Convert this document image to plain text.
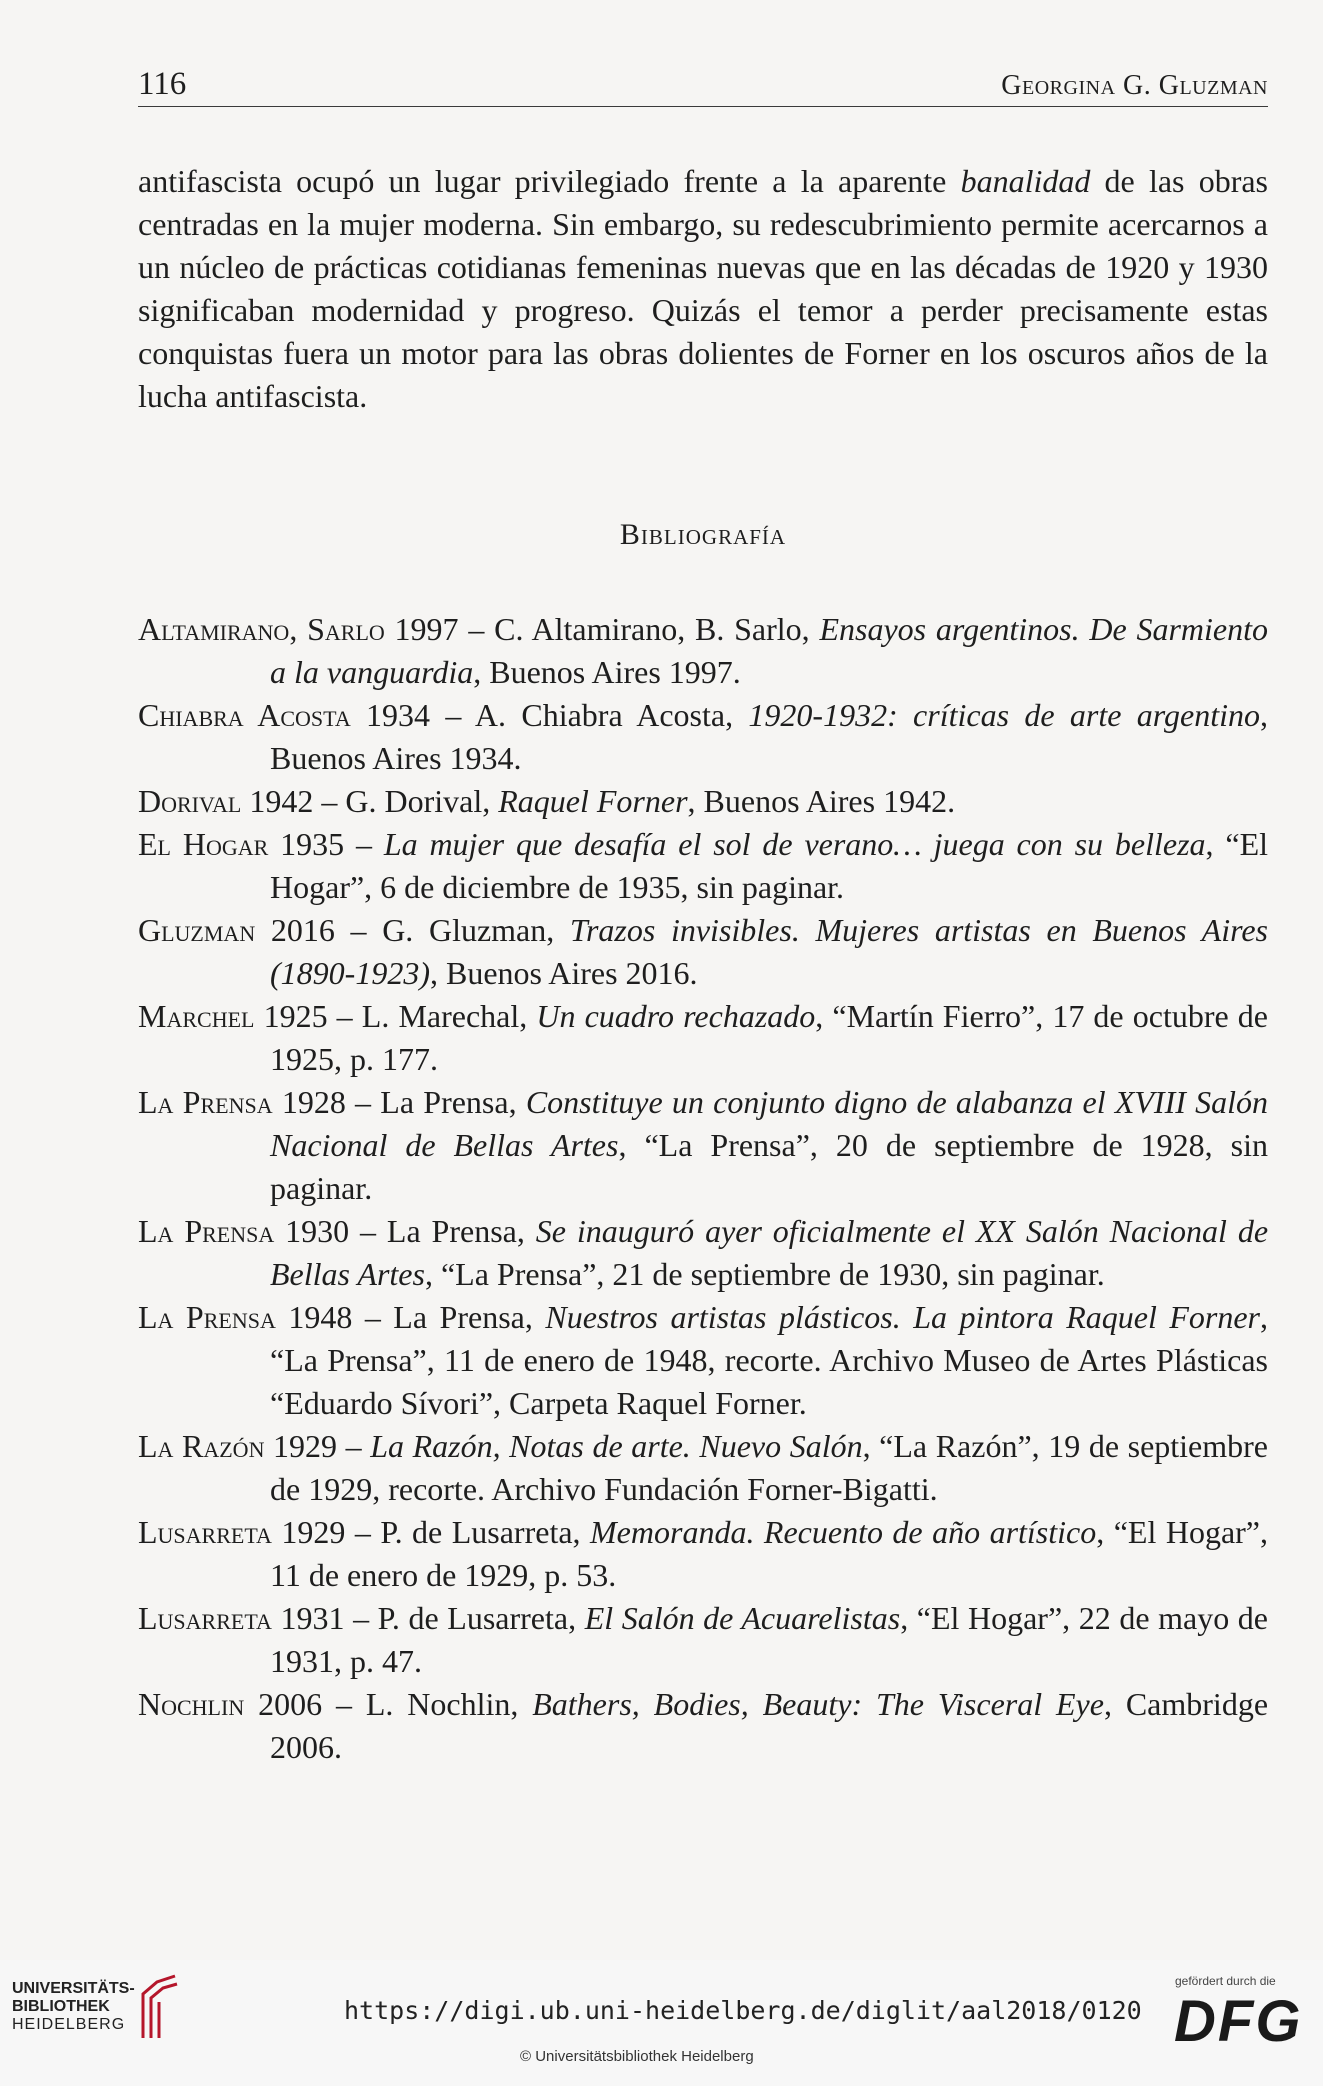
116	Georgina G. Gluzman

antifascista ocupó un lugar privilegiado frente a la aparente banalidad de las obras centradas en la mujer moderna. Sin embargo, su redescubrimiento permite acercarnos a un núcleo de prácticas cotidianas femeninas nuevas que en las décadas de 1920 y 1930 significaban modernidad y progreso. Quizás el temor a perder precisamente estas conquistas fuera un motor para las obras dolientes de Forner en los oscuros años de la lucha antifascista.

Bibliografía

Altamirano, Sarlo 1997 – C. Altamirano, B. Sarlo, Ensayos argentinos. De Sarmiento a la vanguardia, Buenos Aires 1997.

Chiabra Acosta 1934 – A. Chiabra Acosta, 1920-1932: críticas de arte argentino, Buenos Aires 1934.

Dorival 1942 – G. Dorival, Raquel Forner, Buenos Aires 1942.

El Hogar 1935 – La mujer que desafía el sol de verano… juega con su belleza, “El Hogar”, 6 de diciembre de 1935, sin paginar.

Gluzman 2016 – G. Gluzman, Trazos invisibles. Mujeres artistas en Buenos Aires (1890-1923), Buenos Aires 2016.

Marchel 1925 – L. Marechal, Un cuadro rechazado, “Martín Fierro”, 17 de octubre de 1925, p. 177.

La Prensa 1928 – La Prensa, Constituye un conjunto digno de alabanza el XVIII Salón Nacional de Bellas Artes, “La Prensa”, 20 de septiembre de 1928, sin paginar.

La Prensa 1930 – La Prensa, Se inauguró ayer oficialmente el XX Salón Nacional de Bellas Artes, “La Prensa”, 21 de septiembre de 1930, sin paginar.

La Prensa 1948 – La Prensa, Nuestros artistas plásticos. La pintora Raquel Forner, “La Prensa”, 11 de enero de 1948, recorte. Archivo Museo de Artes Plásticas “Eduardo Sívori”, Carpeta Raquel Forner.

La Razón 1929 – La Razón, Notas de arte. Nuevo Salón, “La Razón”, 19 de septiembre de 1929, recorte. Archivo Fundación Forner-Bigatti.

Lusarreta 1929 – P. de Lusarreta, Memoranda. Recuento de año artístico, “El Hogar”, 11 de enero de 1929, p. 53.

Lusarreta 1931 – P. de Lusarreta, El Salón de Acuarelistas, “El Hogar”, 22 de mayo de 1931, p. 47.

Nochlin 2006 – L. Nochlin, Bathers, Bodies, Beauty: The Visceral Eye, Cambridge 2006.

UNIVERSITÄTS-
BIBLIOTHEK
HEIDELBERG	https://digi.ub.uni-heidelberg.de/diglit/aal2018/0120
© Universitätsbibliothek Heidelberg
gefördert durch die
DFG
